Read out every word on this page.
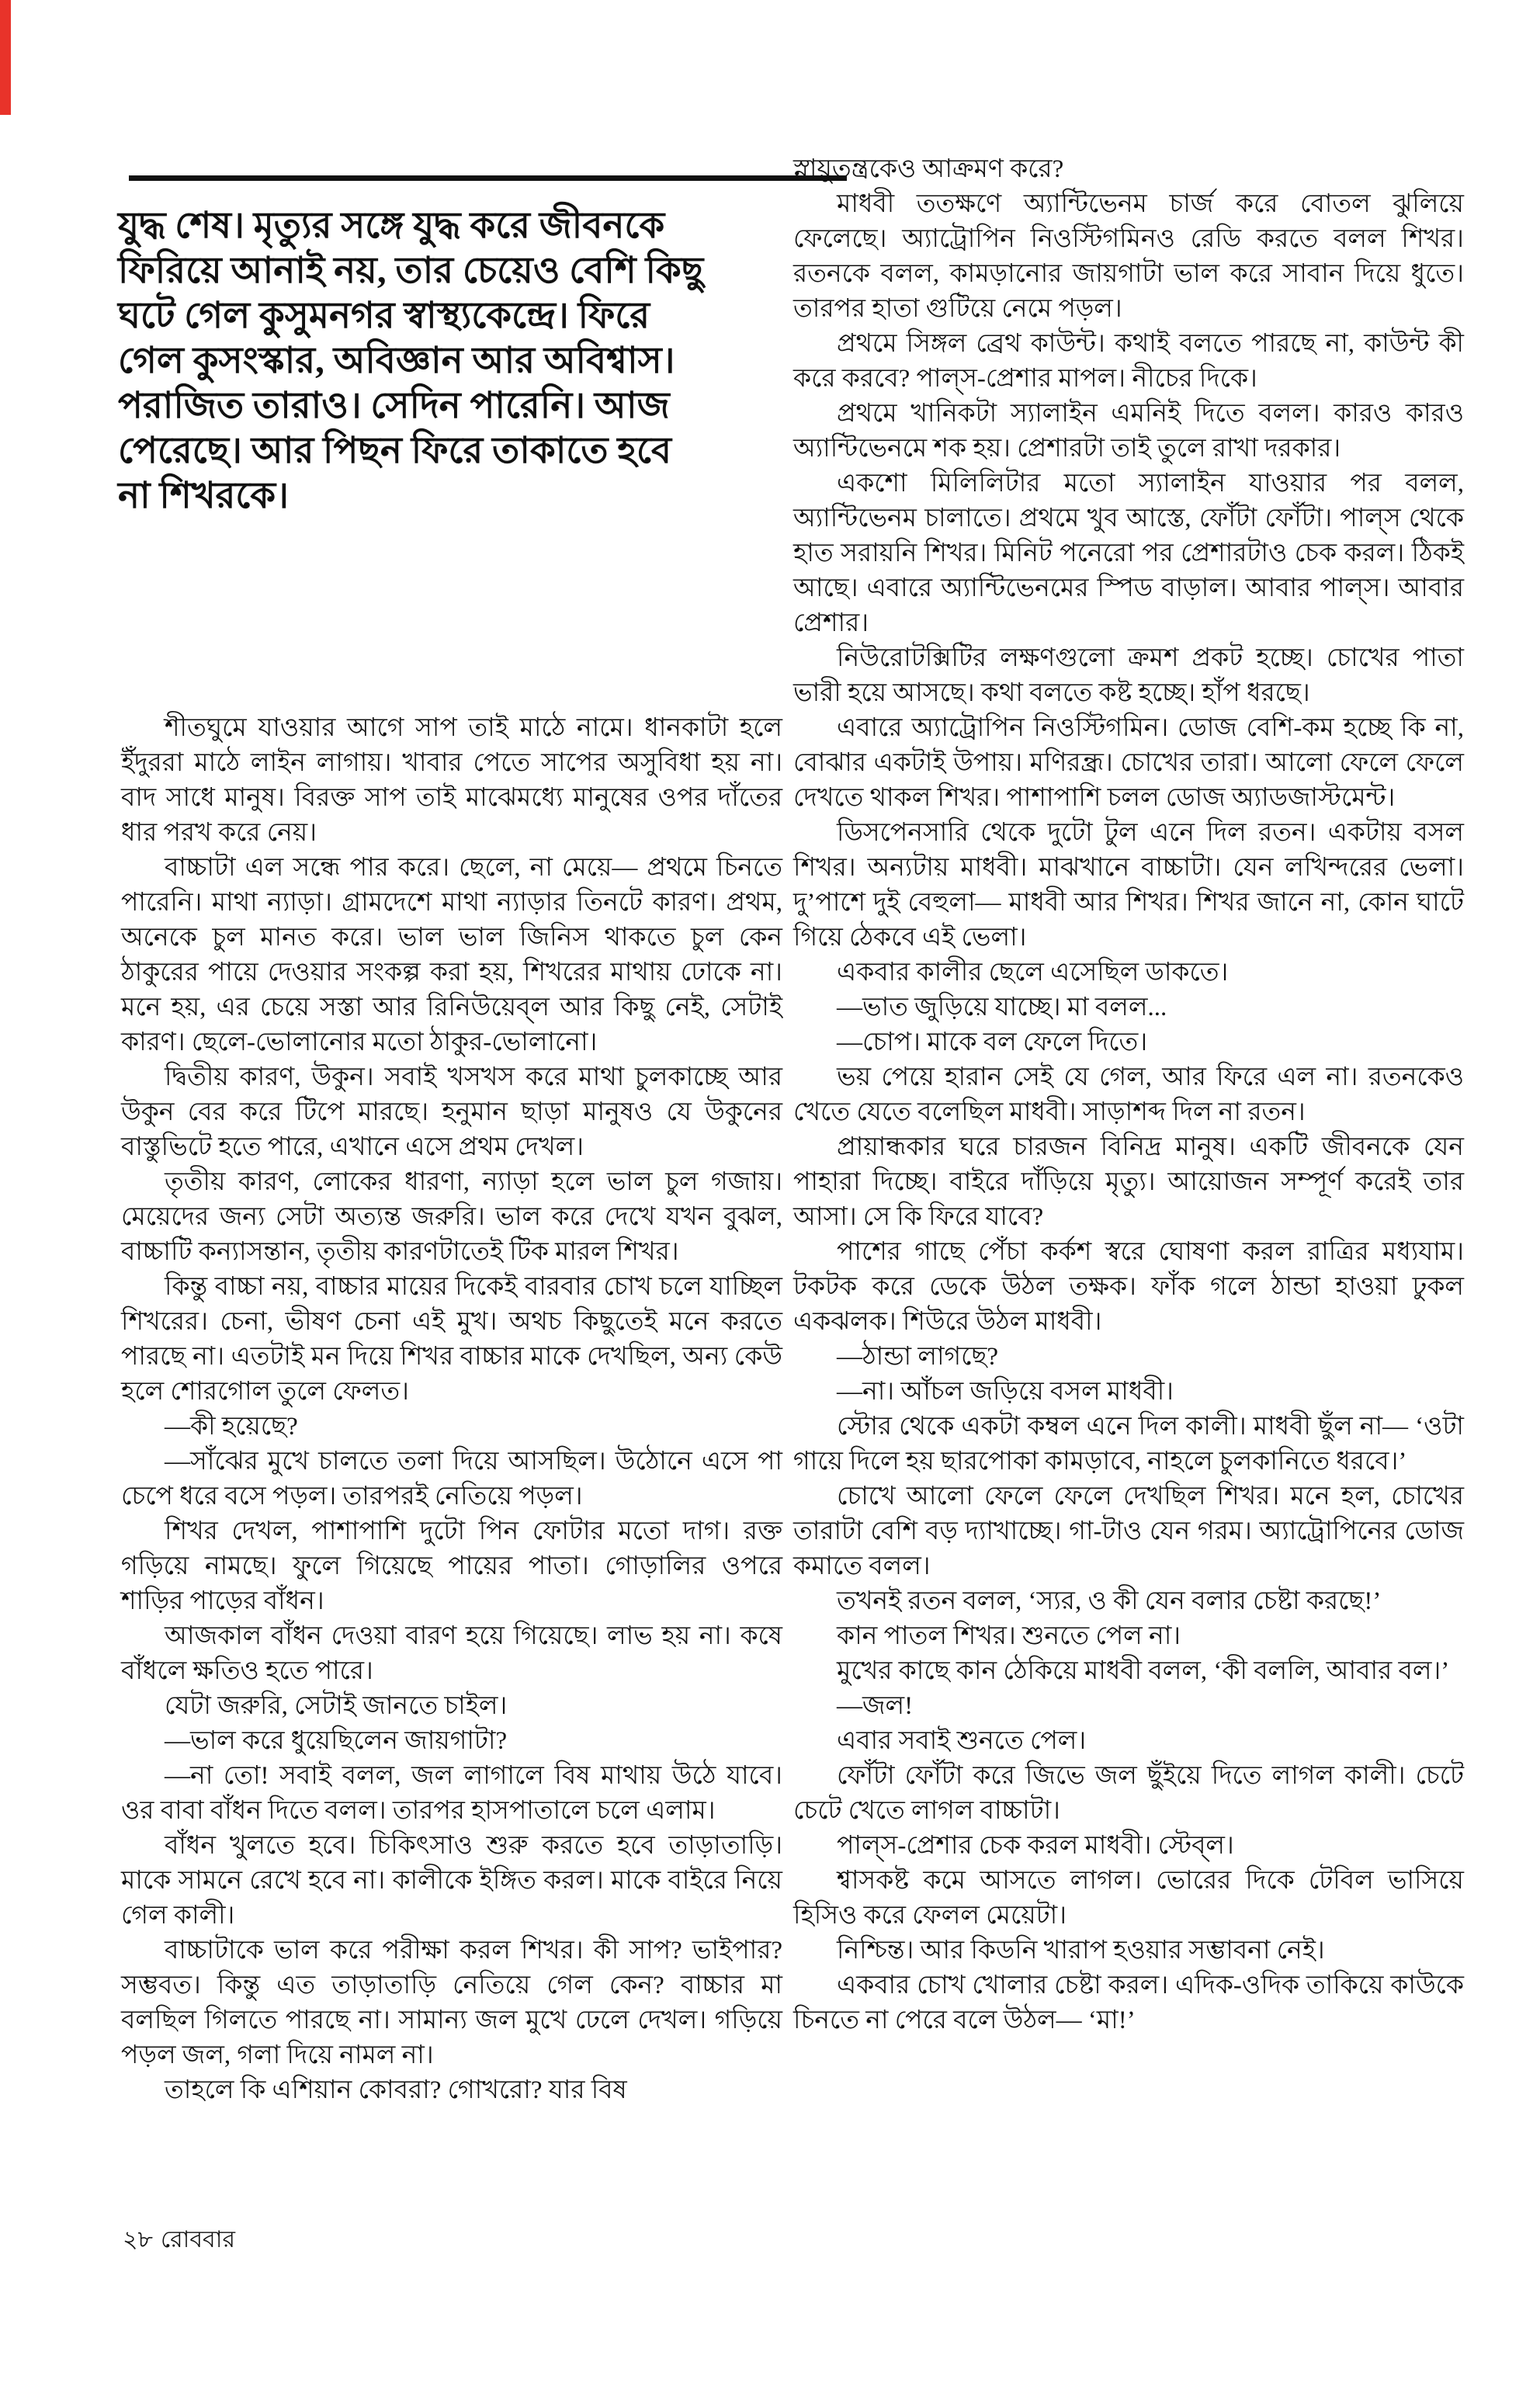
যুদ্ধ শেষ। মৃত্যুর সঙ্গে যুদ্ধ করে জীবনকে

ফিরিয়ে আনাই নয়, তার চেয়েও বেশি কিছু

ঘটে গেল কুসুমনগর স্বাস্থ্যকেন্দ্রে। ফিরে

গেল কুসংস্কার, অবিজ্ঞান আর অবিশ্বাস।

পরাজিত তারাও। সেদিন পারেনি। আজ

পেরেছে। আর পিছন ফিরে তাকাতে হবে

না শিখরকে।

শীতঘুমে যাওয়ার আগে সাপ তাই মাঠে নামে। ধানকাটা হলে ইঁদুররা মাঠে লাইন লাগায়। খাবার পেতে সাপের অসুবিধা হয় না। বাদ সাধে মানুষ। বিরক্ত সাপ তাই মাঝেমধ্যে মানুষের ওপর দাঁতের ধার পরখ করে নেয়।

বাচ্চাটা এল সন্ধে পার করে। ছেলে, না মেয়ে— প্রথমে চিনতে পারেনি। মাথা ন্যাড়া। গ্রামদেশে মাথা ন্যাড়ার তিনটে কারণ। প্রথম, অনেকে চুল মানত করে। ভাল ভাল জিনিস থাকতে চুল কেন ঠাকুরের পায়ে দেওয়ার সংকল্প করা হয়, শিখরের মাথায় ঢোকে না। মনে হয়, এর চেয়ে সস্তা আর রিনিউয়েব্‌ল আর কিছু নেই, সেটাই কারণ। ছেলে-ভোলানোর মতো ঠাকুর-ভোলানো।

দ্বিতীয় কারণ, উকুন। সবাই খসখস করে মাথা চুলকাচ্ছে আর উকুন বের করে টিপে মারছে। হনুমান ছাড়া মানুষও যে উকুনের বাস্তুভিটে হতে পারে, এখানে এসে প্রথম দেখল।

তৃতীয় কারণ, লোকের ধারণা, ন্যাড়া হলে ভাল চুল গজায়। মেয়েদের জন্য সেটা অত্যন্ত জরুরি। ভাল করে দেখে যখন বুঝল, বাচ্চাটি কন্যাসন্তান, তৃতীয় কারণটাতেই টিক মারল শিখর।

কিন্তু বাচ্চা নয়, বাচ্চার মায়ের দিকেই বারবার চোখ চলে যাচ্ছিল শিখরের। চেনা, ভীষণ চেনা এই মুখ। অথচ কিছুতেই মনে করতে পারছে না। এতটাই মন দিয়ে শিখর বাচ্চার মাকে দেখছিল, অন্য কেউ হলে শোরগোল তুলে ফেলত।

—কী হয়েছে?

—সাঁঝের মুখে চালতে তলা দিয়ে আসছিল। উঠোনে এসে পা চেপে ধরে বসে পড়ল। তারপরই নেতিয়ে পড়ল।

শিখর দেখল, পাশাপাশি দুটো পিন ফোটার মতো দাগ। রক্ত গড়িয়ে নামছে। ফুলে গিয়েছে পায়ের পাতা। গোড়ালির ওপরে শাড়ির পাড়ের বাঁধন।

আজকাল বাঁধন দেওয়া বারণ হয়ে গিয়েছে। লাভ হয় না। কষে বাঁধলে ক্ষতিও হতে পারে।

যেটা জরুরি, সেটাই জানতে চাইল।

—ভাল করে ধুয়েছিলেন জায়গাটা?

—না তো! সবাই বলল, জল লাগালে বিষ মাথায় উঠে যাবে। ওর বাবা বাঁধন দিতে বলল। তারপর হাসপাতালে চলে এলাম।

বাঁধন খুলতে হবে। চিকিৎসাও শুরু করতে হবে তাড়াতাড়ি। মাকে সামনে রেখে হবে না। কালীকে ইঙ্গিত করল। মাকে বাইরে নিয়ে গেল কালী।

বাচ্চাটাকে ভাল করে পরীক্ষা করল শিখর। কী সাপ? ভাইপার? সম্ভবত। কিন্তু এত তাড়াতাড়ি নেতিয়ে গেল কেন? বাচ্চার মা বলছিল গিলতে পারছে না। সামান্য জল মুখে ঢেলে দেখল। গড়িয়ে পড়ল জল, গলা দিয়ে নামল না।

তাহলে কি এশিয়ান কোবরা? গোখরো? যার বিষ

স্নায়ুতন্ত্রকেও আক্রমণ করে?

মাধবী ততক্ষণে অ্যান্টিভেনম চার্জ করে বোতল ঝুলিয়ে ফেলেছে। অ্যাট্রোপিন নিওস্টিগমিনও রেডি করতে বলল শিখর। রতনকে বলল, কামড়ানোর জায়গাটা ভাল করে সাবান দিয়ে ধুতে। তারপর হাতা গুটিয়ে নেমে পড়ল।

প্রথমে সিঙ্গল ব্রেথ কাউন্ট। কথাই বলতে পারছে না, কাউন্ট কী করে করবে? পাল্‌স-প্রেশার মাপল। নীচের দিকে।

প্রথমে খানিকটা স্যালাইন এমনিই দিতে বলল। কারও কারও অ্যান্টিভেনমে শক হয়। প্রেশারটা তাই তুলে রাখা দরকার।

একশো মিলিলিটার মতো স্যালাইন যাওয়ার পর বলল, অ্যান্টিভেনম চালাতে। প্রথমে খুব আস্তে, ফোঁটা ফোঁটা। পাল্‌স থেকে হাত সরায়নি শিখর। মিনিট পনেরো পর প্রেশারটাও চেক করল। ঠিকই আছে। এবারে অ্যান্টিভেনমের স্পিড বাড়াল। আবার পাল্‌স। আবার প্রেশার।

নিউরোটক্সিটির লক্ষণগুলো ক্রমশ প্রকট হচ্ছে। চোখের পাতা ভারী হয়ে আসছে। কথা বলতে কষ্ট হচ্ছে। হাঁপ ধরছে।

এবারে অ্যাট্রোপিন নিওস্টিগমিন। ডোজ বেশি-কম হচ্ছে কি না, বোঝার একটাই উপায়। মণিরন্ধ্র। চোখের তারা। আলো ফেলে ফেলে দেখতে থাকল শিখর। পাশাপাশি চলল ডোজ অ্যাডজাস্টমেন্ট।

ডিসপেনসারি থেকে দুটো টুল এনে দিল রতন। একটায় বসল শিখর। অন্যটায় মাধবী। মাঝখানে বাচ্চাটা। যেন লখিন্দরের ভেলা। দু’পাশে দুই বেহুলা— মাধবী আর শিখর। শিখর জানে না, কোন ঘাটে গিয়ে ঠেকবে এই ভেলা।

একবার কালীর ছেলে এসেছিল ডাকতে।

—ভাত জুড়িয়ে যাচ্ছে। মা বলল...

—চোপ। মাকে বল ফেলে দিতে।

ভয় পেয়ে হারান সেই যে গেল, আর ফিরে এল না। রতনকেও খেতে যেতে বলেছিল মাধবী। সাড়াশব্দ দিল না রতন।

প্রায়ান্ধকার ঘরে চারজন বিনিদ্র মানুষ। একটি জীবনকে যেন পাহারা দিচ্ছে। বাইরে দাঁড়িয়ে মৃত্যু। আয়োজন সম্পূর্ণ করেই তার আসা। সে কি ফিরে যাবে?

পাশের গাছে পেঁচা কর্কশ স্বরে ঘোষণা করল রাত্রির মধ্যযাম। টকটক করে ডেকে উঠল তক্ষক। ফাঁক গলে ঠান্ডা হাওয়া ঢুকল একঝলক। শিউরে উঠল মাধবী।

—ঠান্ডা লাগছে?

—না। আঁচল জড়িয়ে বসল মাধবী।

স্টোর থেকে একটা কম্বল এনে দিল কালী। মাধবী ছুঁল না— ‘ওটা গায়ে দিলে হয় ছারপোকা কামড়াবে, নাহলে চুলকানিতে ধরবে।’

চোখে আলো ফেলে ফেলে দেখছিল শিখর। মনে হল, চোখের তারাটা বেশি বড় দ্যাখাচ্ছে। গা-টাও যেন গরম। অ্যাট্রোপিনের ডোজ কমাতে বলল।

তখনই রতন বলল, ‘স্যর, ও কী যেন বলার চেষ্টা করছে!’

কান পাতল শিখর। শুনতে পেল না।

মুখের কাছে কান ঠেকিয়ে মাধবী বলল, ‘কী বললি, আবার বল।’

—জল!

এবার সবাই শুনতে পেল।

ফোঁটা ফোঁটা করে জিভে জল ছুঁইয়ে দিতে লাগল কালী। চেটে চেটে খেতে লাগল বাচ্চাটা।

পাল্‌স-প্রেশার চেক করল মাধবী। স্টেব্‌ল।

শ্বাসকষ্ট কমে আসতে লাগল। ভোরের দিকে টেবিল ভাসিয়ে হিসিও করে ফেলল মেয়েটা।

নিশ্চিন্ত। আর কিডনি খারাপ হওয়ার সম্ভাবনা নেই।

একবার চোখ খোলার চেষ্টা করল। এদিক-ওদিক তাকিয়ে কাউকে চিনতে না পেরে বলে উঠল— ‘মা!’

২৮ রোববার
